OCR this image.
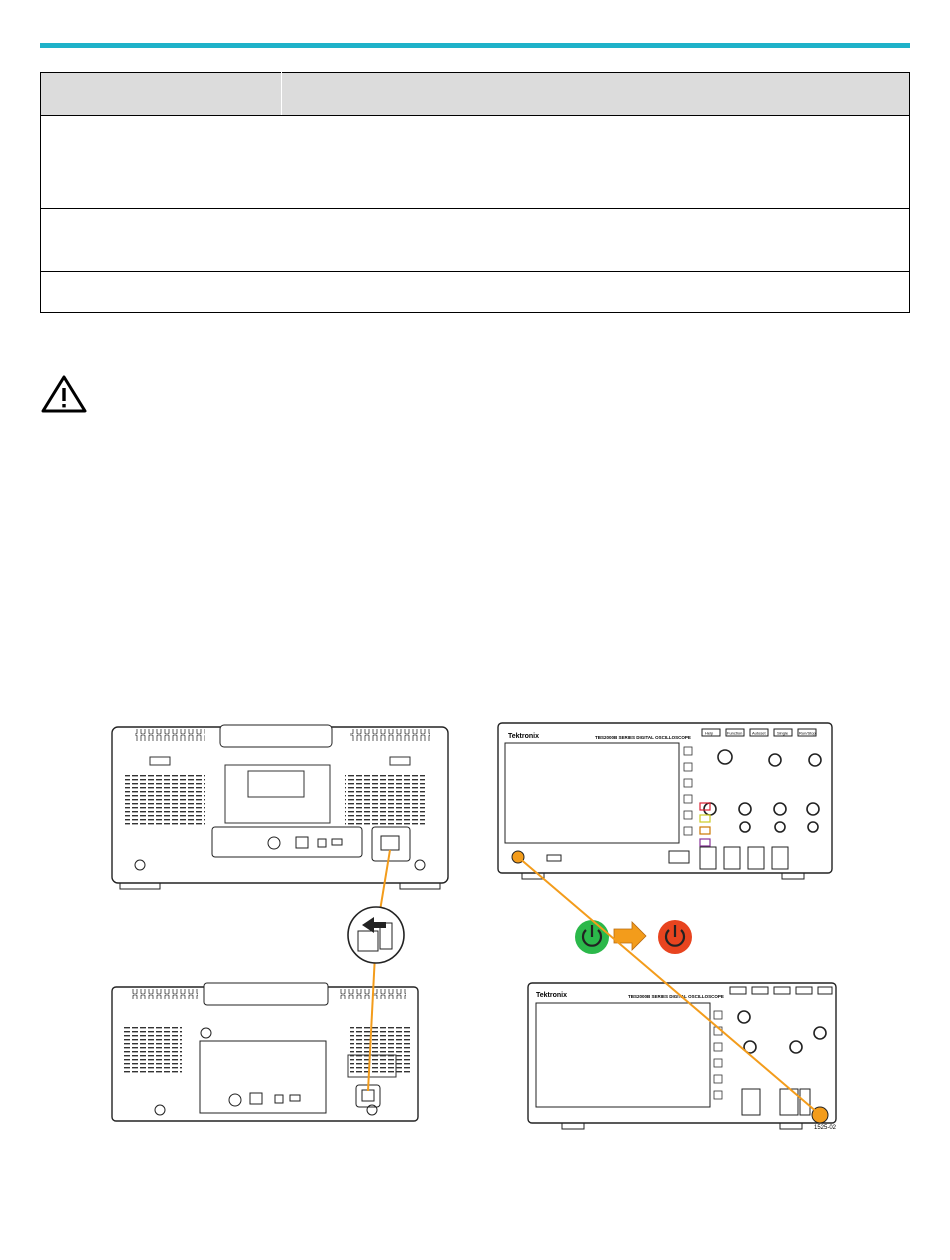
Tektronix	TBS2000B SERIES DIGITAL OSCILLOSCOPE
Help	Function Autoset	Single	Run/Stop
Tektronix	TBS2000B SERIES DIGITAL OSCILLOSCOPE
1525-02
